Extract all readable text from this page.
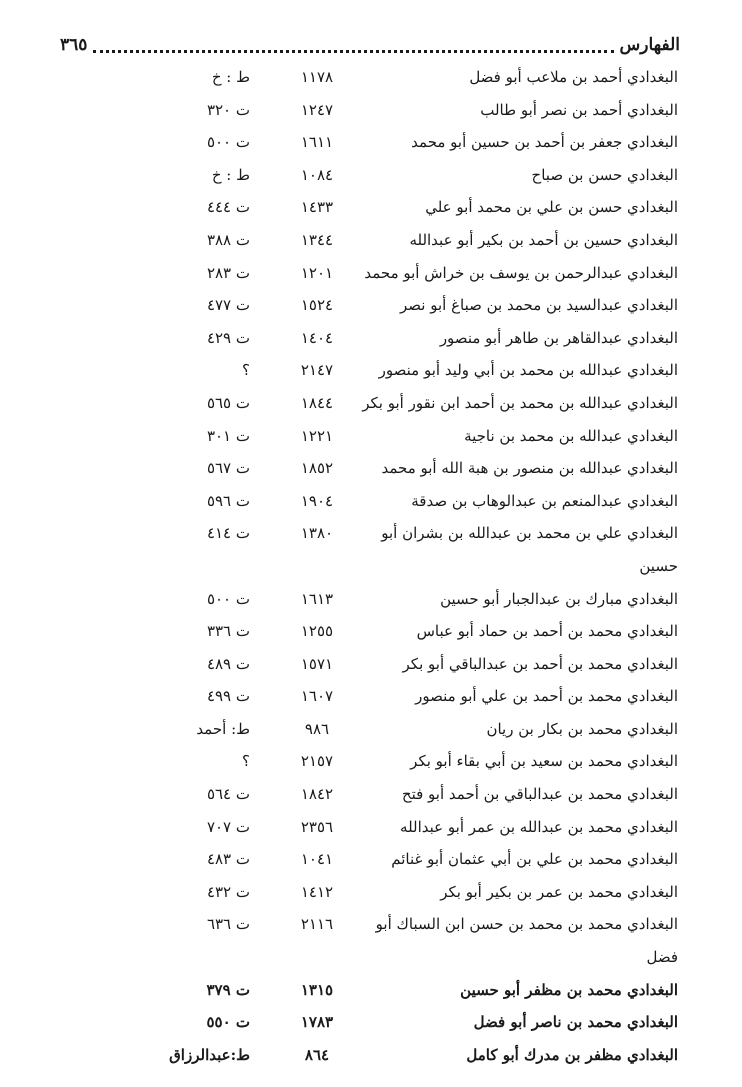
الفهارس
٣٦٥
البغدادي أحمد بن ملاعب أبو فضل
١١٧٨
ط : خ
البغدادي أحمد بن نصر أبو طالب
١٢٤٧
ت ٣٢٠
البغدادي جعفر بن أحمد بن حسين أبو محمد
١٦١١
ت ٥٠٠
البغدادي حسن بن صباح
١٠٨٤
ط : خ
البغدادي حسن بن علي بن محمد أبو علي
١٤٣٣
ت ٤٤٤
البغدادي حسين بن أحمد بن بكير أبو عبدالله
١٣٤٤
ت ٣٨٨
البغدادي عبدالرحمن بن يوسف بن خراش أبو محمد
١٢٠١
ت ٢٨٣
البغدادي عبدالسيد بن محمد بن صباغ أبو نصر
١٥٢٤
ت ٤٧٧
البغدادي عبدالقاهر بن طاهر أبو منصور
١٤٠٤
ت ٤٢٩
البغدادي عبدالله بن محمد بن أبي وليد أبو منصور
٢١٤٧
؟
البغدادي عبدالله بن محمد بن أحمد ابن نقور أبو بكر
١٨٤٤
ت ٥٦٥
البغدادي عبدالله بن محمد بن ناجية
١٢٢١
ت ٣٠١
البغدادي عبدالله بن منصور بن هبة الله أبو محمد
١٨٥٢
ت ٥٦٧
البغدادي عبدالمنعم بن عبدالوهاب بن صدقة
١٩٠٤
ت ٥٩٦
البغدادي علي بن محمد بن عبدالله بن بشران أبو
١٣٨٠
ت ٤١٤
حسين
البغدادي مبارك بن عبدالجبار أبو حسين
١٦١٣
ت ٥٠٠
البغدادي محمد بن أحمد بن حماد أبو عباس
١٢٥٥
ت ٣٣٦
البغدادي محمد بن أحمد بن عبدالباقي أبو بكر
١٥٧١
ت ٤٨٩
البغدادي محمد بن أحمد بن علي أبو منصور
١٦٠٧
ت ٤٩٩
البغدادي محمد بن بكار بن ريان
٩٨٦
ط: أحمد
البغدادي محمد بن سعيد بن أبي بقاء أبو بكر
٢١٥٧
؟
البغدادي محمد بن عبدالباقي بن أحمد أبو فتح
١٨٤٢
ت ٥٦٤
البغدادي محمد بن عبدالله بن عمر أبو عبدالله
٢٣٥٦
ت ٧٠٧
البغدادي محمد بن علي بن أبي عثمان أبو غنائم
١٠٤١
ت ٤٨٣
البغدادي محمد بن عمر بن بكير أبو بكر
١٤١٢
ت ٤٣٢
البغدادي محمد بن محمد بن حسن ابن السباك أبو
٢١١٦
ت ٦٣٦
فضل
البغدادي محمد بن مظفر أبو حسين
١٣١٥
ت ٣٧٩
البغدادي محمد بن ناصر أبو فضل
١٧٨٣
ت ٥٥٠
البغدادي مظفر بن مدرك أبو كامل
٨٦٤
ط:عبدالرزاق
